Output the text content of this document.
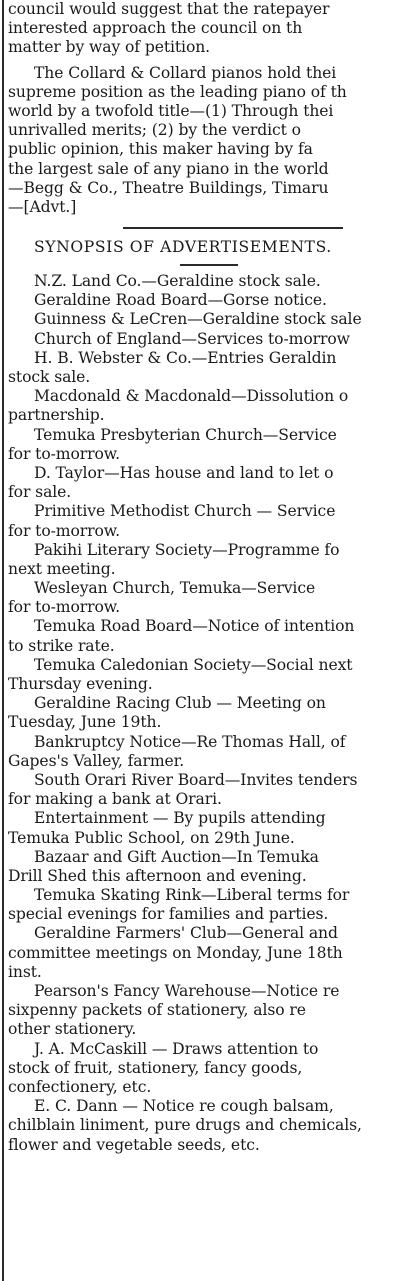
council would suggest that the ratepayer
interested approach the council on th
matter by way of petition.
The Collard & Collard pianos hold thei
supreme position as the leading piano of th
world by a twofold title—(1) Through thei
unrivalled merits; (2) by the verdict o
public opinion, this maker having by fa
the largest sale of any piano in the world
—Begg & Co., Theatre Buildings, Timaru
—[Advt.]
SYNOPSIS OF ADVERTISEMENTS.
N.Z. Land Co.—Geraldine stock sale.
Geraldine Road Board—Gorse notice.
Guinness & LeCren—Geraldine stock sale
Church of England—Services to-morrow
H. B. Webster & Co.—Entries Geraldin
stock sale.
Macdonald & Macdonald—Dissolution o
partnership.
Temuka Presbyterian Church—Service
for to-morrow.
D. Taylor—Has house and land to let o
for sale.
Primitive Methodist Church — Service
for to-morrow.
Pakihi Literary Society—Programme fo
next meeting.
Wesleyan Church, Temuka—Service
for to-morrow.
Temuka Road Board—Notice of intention
to strike rate.
Temuka Caledonian Society—Social next
Thursday evening.
Geraldine Racing Club — Meeting on
Tuesday, June 19th.
Bankruptcy Notice—Re Thomas Hall, of
Gapes's Valley, farmer.
South Orari River Board—Invites tenders
for making a bank at Orari.
Entertainment — By pupils attending
Temuka Public School, on 29th June.
Bazaar and Gift Auction—In Temuka
Drill Shed this afternoon and evening.
Temuka Skating Rink—Liberal terms for
special evenings for families and parties.
Geraldine Farmers' Club—General and
committee meetings on Monday, June 18th
inst.
Pearson's Fancy Warehouse—Notice re
sixpenny packets of stationery, also re
other stationery.
J. A. McCaskill — Draws attention to
stock of fruit, stationery, fancy goods,
confectionery, etc.
E. C. Dann — Notice re cough balsam,
chilblain liniment, pure drugs and chemicals,
flower and vegetable seeds, etc.
